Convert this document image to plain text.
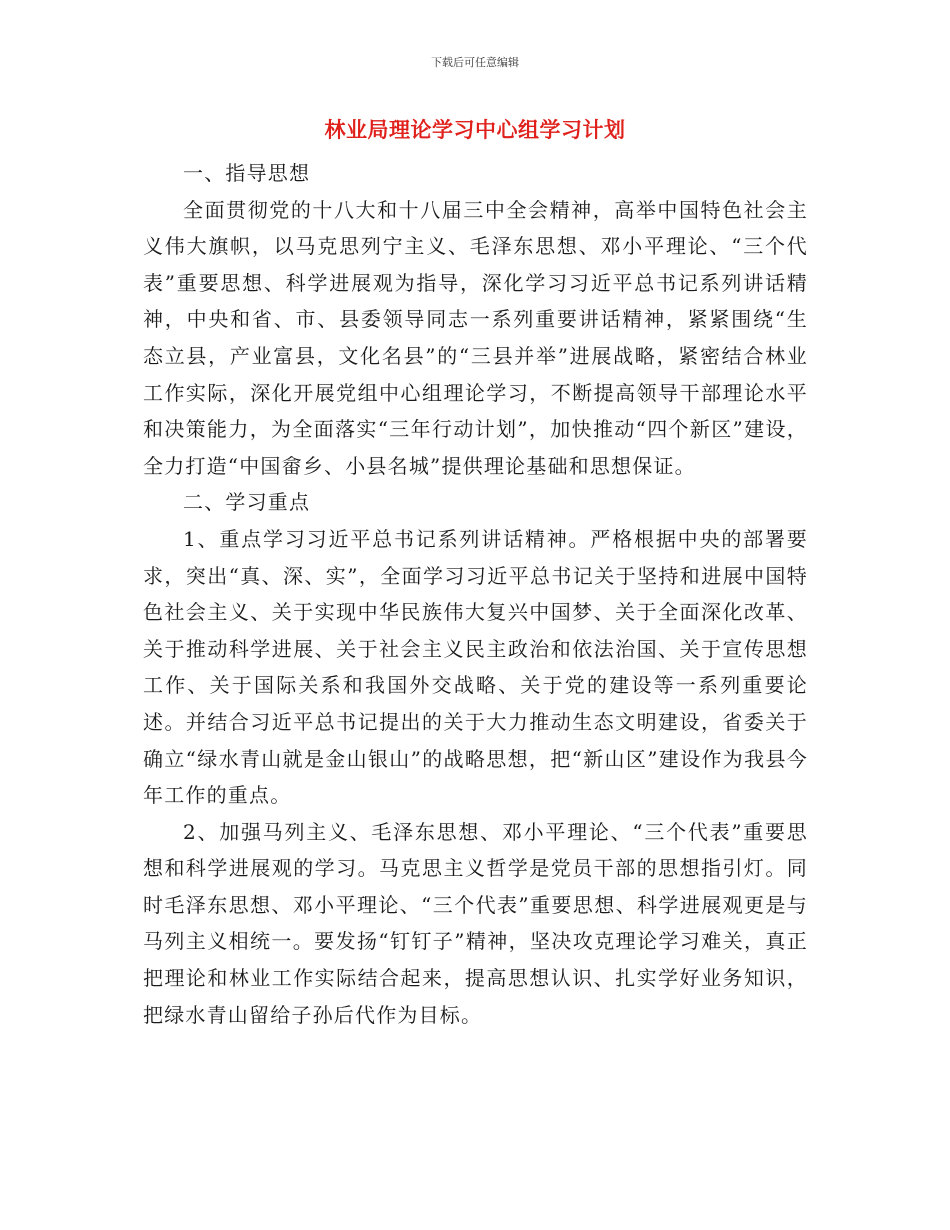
下载后可任意编辑
林业局理论学习中心组学习计划

一、指导思想

全面贯彻党的十八大和十八届三中全会精神，高举中国特色社会主义伟大旗帜，以马克思列宁主义、毛泽东思想、邓小平理论、“三个代表”重要思想、科学进展观为指导，深化学习习近平总书记系列讲话精神，中央和省、市、县委领导同志一系列重要讲话精神，紧紧围绕“生态立县，产业富县，文化名县”的“三县并举”进展战略，紧密结合林业工作实际，深化开展党组中心组理论学习，不断提高领导干部理论水平和决策能力，为全面落实“三年行动计划”，加快推动“四个新区”建设，全力打造“中国畲乡、小县名城”提供理论基础和思想保证。

二、学习重点

1、重点学习习近平总书记系列讲话精神。严格根据中央的部署要求，突出“真、深、实”，全面学习习近平总书记关于坚持和进展中国特色社会主义、关于实现中华民族伟大复兴中国梦、关于全面深化改革、关于推动科学进展、关于社会主义民主政治和依法治国、关于宣传思想工作、关于国际关系和我国外交战略、关于党的建设等一系列重要论述。并结合习近平总书记提出的关于大力推动生态文明建设，省委关于确立“绿水青山就是金山银山”的战略思想，把“新山区”建设作为我县今年工作的重点。

2、加强马列主义、毛泽东思想、邓小平理论、“三个代表”重要思想和科学进展观的学习。马克思主义哲学是党员干部的思想指引灯。同时毛泽东思想、邓小平理论、“三个代表”重要思想、科学进展观更是与马列主义相统一。要发扬“钉钉子”精神，坚决攻克理论学习难关，真正把理论和林业工作实际结合起来，提高思想认识、扎实学好业务知识，把绿水青山留给子孙后代作为目标。
